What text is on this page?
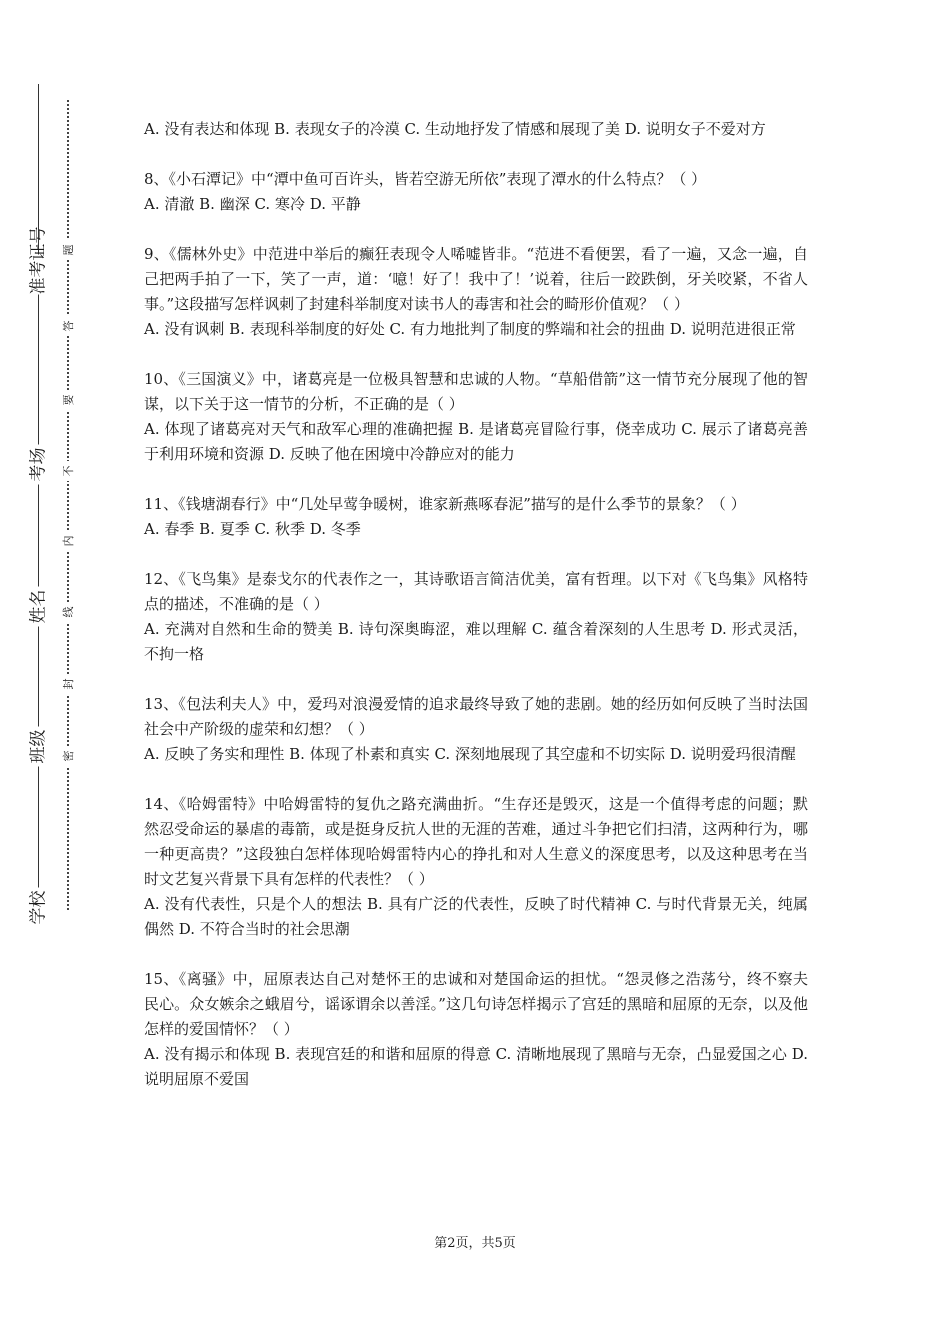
准考证号
考场
姓名
班级
学校
题
答
要
不
内
线
封
密

A. 没有表达和体现 B. 表现女子的冷漠 C. 生动地抒发了情感和展现了美 D. 说明女子不爱对方

8、《小石潭记》中“潭中鱼可百许头，皆若空游无所依”表现了潭水的什么特点？（ ）

A. 清澈 B. 幽深 C. 寒冷 D. 平静

9、《儒林外史》中范进中举后的癫狂表现令人唏嘘皆非。“范进不看便罢，看了一遍，又念一遍，自己把两手拍了一下，笑了一声，道：‘噫！好了！我中了！’说着，往后一跤跌倒，牙关咬紧，不省人事。”这段描写怎样讽刺了封建科举制度对读书人的毒害和社会的畸形价值观？（ ）

A. 没有讽刺 B. 表现科举制度的好处 C. 有力地批判了制度的弊端和社会的扭曲 D. 说明范进很正常

10、《三国演义》中，诸葛亮是一位极具智慧和忠诚的人物。“草船借箭”这一情节充分展现了他的智谋，以下关于这一情节的分析，不正确的是（ ）

A. 体现了诸葛亮对天气和敌军心理的准确把握 B. 是诸葛亮冒险行事，侥幸成功 C. 展示了诸葛亮善于利用环境和资源 D. 反映了他在困境中冷静应对的能力

11、《钱塘湖春行》中“几处早莺争暖树，谁家新燕啄春泥”描写的是什么季节的景象？（ ）

A. 春季 B. 夏季 C. 秋季 D. 冬季

12、《飞鸟集》是泰戈尔的代表作之一，其诗歌语言简洁优美，富有哲理。以下对《飞鸟集》风格特点的描述，不准确的是（ ）

A. 充满对自然和生命的赞美 B. 诗句深奥晦涩，难以理解 C. 蕴含着深刻的人生思考 D. 形式灵活，不拘一格

13、《包法利夫人》中，爱玛对浪漫爱情的追求最终导致了她的悲剧。她的经历如何反映了当时法国社会中产阶级的虚荣和幻想？（ ）

A. 反映了务实和理性 B. 体现了朴素和真实 C. 深刻地展现了其空虚和不切实际 D. 说明爱玛很清醒

14、《哈姆雷特》中哈姆雷特的复仇之路充满曲折。“生存还是毁灭，这是一个值得考虑的问题；默然忍受命运的暴虐的毒箭，或是挺身反抗人世的无涯的苦难，通过斗争把它们扫清，这两种行为，哪一种更高贵？”这段独白怎样体现哈姆雷特内心的挣扎和对人生意义的深度思考，以及这种思考在当时文艺复兴背景下具有怎样的代表性？（ ）

A. 没有代表性，只是个人的想法 B. 具有广泛的代表性，反映了时代精神 C. 与时代背景无关，纯属偶然 D. 不符合当时的社会思潮

15、《离骚》中，屈原表达自己对楚怀王的忠诚和对楚国命运的担忧。“怨灵修之浩荡兮，终不察夫民心。众女嫉余之蛾眉兮，谣诼谓余以善淫。”这几句诗怎样揭示了宫廷的黑暗和屈原的无奈，以及他怎样的爱国情怀？（ ）

A. 没有揭示和体现 B. 表现宫廷的和谐和屈原的得意 C. 清晰地展现了黑暗与无奈，凸显爱国之心 D. 说明屈原不爱国

第2页，共5页
